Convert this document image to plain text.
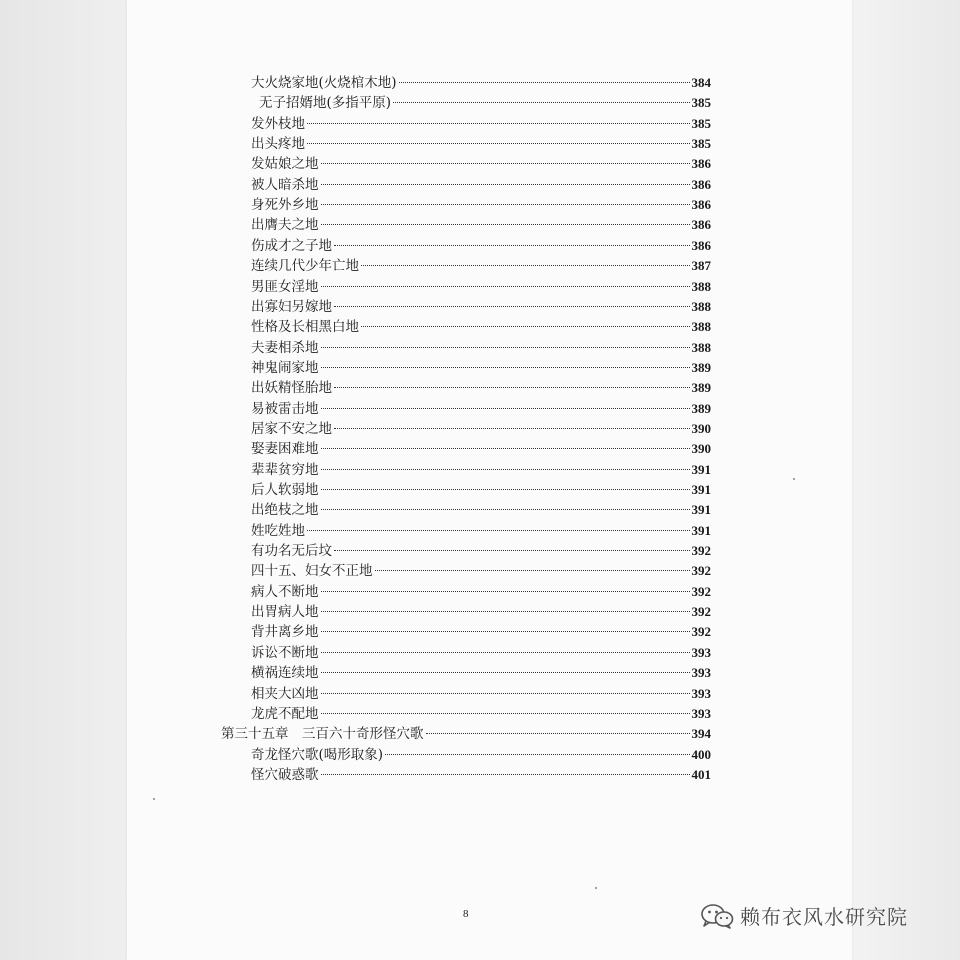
大火烧家地(火烧棺木地)	384
无子招婿地(多指平原)	385
发外枝地	385
出头疼地	385
发姑娘之地	386
被人暗杀地	386
身死外乡地	386
出膺夫之地	386
伤成才之子地	386
连续几代少年亡地	387
男匪女淫地	388
出寡妇另嫁地	388
性格及长相黑白地	388
夫妻相杀地	388
神鬼闹家地	389
出妖精怪胎地	389
易被雷击地	389
居家不安之地	390
娶妻困难地	390
辈辈贫穷地	391
后人软弱地	391
出绝枝之地	391
姓吃姓地	391
有功名无后坟	392
四十五、妇女不正地	392
病人不断地	392
出胃病人地	392
背井离乡地	392
诉讼不断地	393
横祸连续地	393
相夹大凶地	393
龙虎不配地	393
第三十五章　三百六十奇形怪穴歌	394
奇龙怪穴歌(喝形取象)	400
怪穴破惑歌	401
8	赖布衣风水研究院
